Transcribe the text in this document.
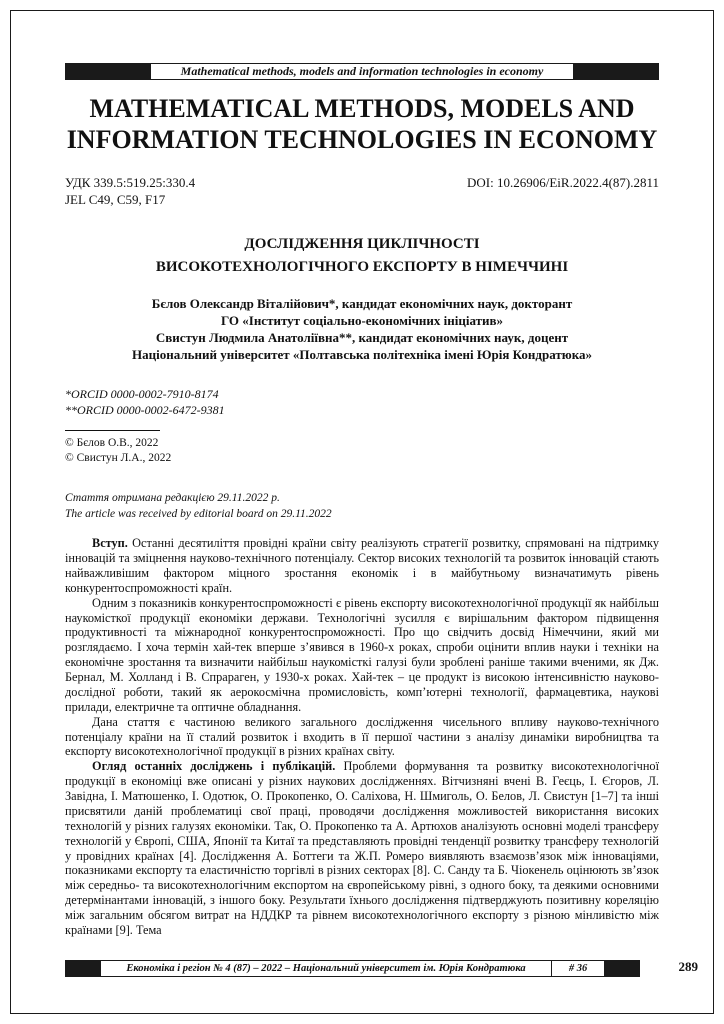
Mathematical methods, models and information technologies in economy
MATHEMATICAL METHODS, MODELS AND
INFORMATION TECHNOLOGIES IN ECONOMY
УДК 339.5:519.25:330.4	DOI: 10.26906/EiR.2022.4(87).2811
JEL С49, С59, F17
ДОСЛІДЖЕННЯ ЦИКЛІЧНОСТІ
ВИСОКОТЕХНОЛОГІЧНОГО ЕКСПОРТУ В НІМЕЧЧИНІ
Бєлов Олександр Віталійович*, кандидат економічних наук, докторант
ГО «Інститут соціально-економічних ініціатив»
Свистун Людмила Анатоліївна**, кандидат економічних наук, доцент
Національний університет «Полтавська політехніка імені Юрія Кондратюка»
*ORCID 0000-0002-7910-8174
**ORCID 0000-0002-6472-9381
© Бєлов О.В., 2022
© Свистун Л.А., 2022
Стаття отримана редакцією 29.11.2022 р.
The article was received by editorial board on 29.11.2022

Вступ. Останні десятиліття провідні країни світу реалізують стратегії розвитку, спрямовані на підтримку інновацій та зміцнення науково-технічного потенціалу. Сектор високих технологій та розвиток інновацій стають найважливішим фактором міцного зростання економік і в майбутньому визначатимуть рівень конкурентоспроможності країн.

Одним з показників конкурентоспроможності є рівень експорту високотехнологічної продукції як найбільш наукомісткої продукції економіки держави. Технологічні зусилля є вирішальним фактором підвищення продуктивності та міжнародної конкурентоспроможності. Про що свідчить досвід Німеччини, який ми розглядаємо. І хоча термін хай-тек вперше з’явився в 1960-х роках, спроби оцінити вплив науки і техніки на економічне зростання та визначити найбільш наукомісткі галузі були зроблені раніше такими вченими, як Дж. Бернал, М. Холланд і В. Спрараген, у 1930-х роках. Хай-тек – це продукт із високою інтенсивністю науково-дослідної роботи, такий як аерокосмічна промисловість, комп’ютерні технології, фармацевтика, наукові прилади, електричне та оптичне обладнання.

Дана стаття є частиною великого загального дослідження чисельного впливу науково-технічного потенціалу країни на її сталий розвиток і входить в її першої частини з аналізу динаміки виробництва та експорту високотехнологічної продукції в різних країнах світу.

Огляд останніх досліджень і публікацій. Проблеми формування та розвитку високотехнологічної продукції в економіці вже описані у різних наукових дослідженнях. Вітчизняні вчені В. Геєць, І. Єгоров, Л. Завідна, І. Матюшенко, І. Одотюк, О. Прокопенко, О. Саліхова, Н. Шмиголь, О. Белов, Л. Свистун [1–7] та інші присвятили даній проблематиці свої праці, проводячи дослідження можливостей використання високих технологій у різних галузях економіки. Так, О. Прокопенко та А. Артюхов аналізують основні моделі трансферу технологій у Європі, США, Японії та Китаї та представляють провідні тенденції розвитку трансферу технологій у провідних країнах [4]. Дослідження А. Боттеги та Ж.П. Ромеро виявляють взаємозв’язок між інноваціями, показниками експорту та еластичністю торгівлі в різних секторах [8]. С. Санду та Б. Чіокенель оцінюють зв’язок між середньо- та високотехнологічним експортом на європейському рівні, з одного боку, та деякими основними детермінантами інновацій, з іншого боку. Результати їхнього дослідження підтверджують позитивну кореляцію між загальним обсягом витрат на НДДКР та рівнем високотехнологічного експорту з різною мінливістю між країнами [9]. Тема

Економіка і регіон № 4 (87) – 2022 – Національний університет ім. Юрія Кондратюка	# 36	289
